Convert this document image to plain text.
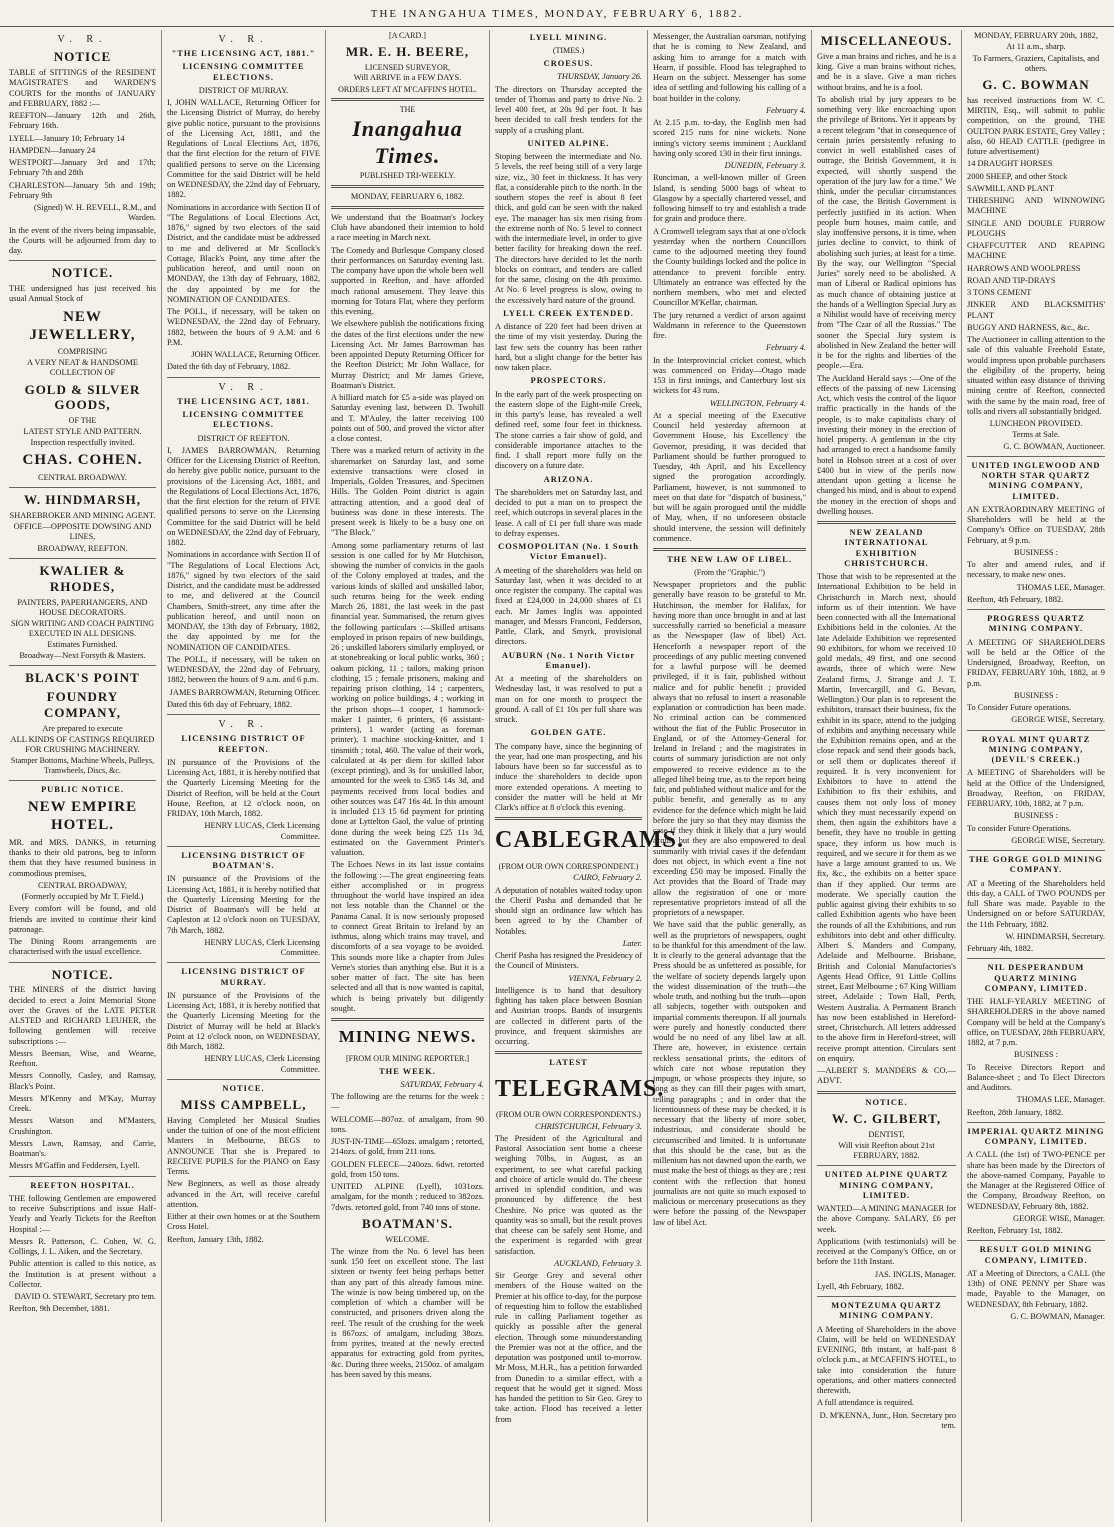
THE INANGAHUA TIMES, MONDAY, FEBRUARY 6, 1882.
V. R.
NOTICE

TABLE of SITTINGS of the RESIDENT MAGISTRATE'S and WARDEN'S COURTS for the months of JANUARY and FEBRUARY, 1882 :—

REEFTON—January 12th and 26th, February 16th.

LYELL—January 10; February 14

HAMPDEN—January 24

WESTPORT—January 3rd and 17th; February 7th and 28th

CHARLESTON—January 5th and 19th; February 9th

(Signed) W. H. REVELL, R.M., and Warden.

In the event of the rivers being impassable, the Courts will be adjourned from day to day.

NOTICE.

THE undersigned has just received his usual Annual Stock of

NEW JEWELLERY,
COMPRISING
A VERY NEAT & HANDSOME COLLECTION OF
GOLD & SILVER GOODS,
OF THE
LATEST STYLE AND PATTERN.
Inspection respectfully invited.
CHAS. COHEN.
CENTRAL BROADWAY.
W. HINDMARSH,
SHAREBROKER AND MINING AGENT.
OFFICE—OPPOSITE DOWSING AND LINES,
BROADWAY, REEFTON.
KWALIER & RHODES,
PAINTERS, PAPERHANGERS, AND HOUSE DECORATORS.
SIGN WRITING AND COACH PAINTING EXECUTED IN ALL DESIGNS.
Estimates Furnished.
Broadway—Next Forsyth & Masters.
BLACK'S POINT
FOUNDRY COMPANY,
Are prepared to execute
ALL KINDS OF CASTINGS REQUIRED FOR CRUSHING MACHINERY.
Stamper Bottoms, Machine Wheels, Pulleys, Tramwheels, Discs, &c.
PUBLIC NOTICE.
NEW EMPIRE HOTEL.

MR. and MRS. DANKS, in returning thanks to their old patrons, beg to inform them that they have resumed business in commodious premises,

CENTRAL BROADWAY,
(Formerly occupied by Mr T. Field.)

Every comfort will be found, and old friends are invited to continue their kind patronage.

The Dining Room arrangements are characterised with the usual excellence.

NOTICE.

THE MINERS of the district having decided to erect a Joint Memorial Stone over the Graves of the LATE PETER ALSTED and RICHARD LEUHER, the following gentlemen will receive subscriptions :—

Messrs Beeman, Wise, and Wearne, Reefton.

Messrs Connolly, Casley, and Ramsay, Black's Point.

Messrs M'Kenny and M'Kay, Murray Creek.

Messrs Watson and M'Masters, Crushington.

Messrs Lawn, Ramsay, and Carrie, Boatman's.

Messrs M'Gaffin and Feddersen, Lyell.

REEFTON HOSPITAL.

THE following Gentlemen are empowered to receive Subscriptions and issue Half-Yearly and Yearly Tickets for the Reefton Hospital :—

Messrs R. Patterson, C. Cohen, W. G. Collings, J. L. Aiken, and the Secretary.

Public attention is called to this notice, as the Institution is at present without a Collector.

DAVID O. STEWART, Secretary pro tem.

Reefton, 9th December, 1881.

V. R.
"THE LICENSING ACT, 1881."
LICENSING COMMITTEE ELECTIONS.
DISTRICT OF MURRAY.

I, JOHN WALLACE, Returning Officer for the Licensing District of Murray, do hereby give public notice, pursuant to the provisions of the Licensing Act, 1881, and the Regulations of Local Elections Act, 1876, that the first election for the return of FIVE qualified persons to serve on the Licensing Committee for the said District will be held on WEDNESDAY, the 22nd day of February, 1882.

Nominations in accordance with Section II of "The Regulations of Local Elections Act, 1876," signed by two electors of the said District, and the candidate must be addressed to me and delivered at Mr Scollock's Cottage, Black's Point, any time after the publication hereof, and until noon on MONDAY, the 13th day of February, 1882, the day appointed by me for the NOMINATION OF CANDIDATES.

The POLL, if necessary, will be taken on WEDNESDAY, the 22nd day of February, 1882, between the hours of 9 A.M. and 6 P.M.

JOHN WALLACE, Returning Officer.

Dated the 6th day of February, 1882.

V. R.
THE LICENSING ACT, 1881.
LICENSING COMMITTEE ELECTIONS.
DISTRICT OF REEFTON.

I, JAMES BARROWMAN, Returning Officer for the Licensing District of Reefton, do hereby give public notice, pursuant to the provisions of the Licensing Act, 1881, and the Regulations of Local Elections Act, 1876, that the first election for the return of FIVE qualified persons to serve on the Licensing Committee for the said District will be held on WEDNESDAY, the 22nd day of February, 1882.

Nominations in accordance with Section II of "The Regulations of Local Elections Act, 1876," signed by two electors of the said District, and the candidate must be addressed to me, and delivered at the Council Chambers, Smith-street, any time after the publication hereof, and until noon on MONDAY, the 13th day of February, 1882, the day appointed by me for the NOMINATION OF CANDIDATES.

The POLL, if necessary, will be taken on WEDNESDAY, the 22nd day of February, 1882, between the hours of 9 a.m. and 6 p.m.

JAMES BARROWMAN, Returning Officer.

Dated this 6th day of February, 1882.

V. R.
LICENSING DISTRICT OF REEFTON.

IN pursuance of the Provisions of the Licensing Act, 1881, it is hereby notified that the Quarterly Licensing Meeting for the District of Reefton, will be held at the Court House, Reefton, at 12 o'clock noon, on FRIDAY, 10th March, 1882.

HENRY LUCAS, Clerk Licensing Committee.

LICENSING DISTRICT OF BOATMAN'S.

IN pursuance of the Provisions of the Licensing Act, 1881, it is hereby notified that the Quarterly Licensing Meeting for the District of Boatman's will be held at Capleston at 12 o'clock noon on TUESDAY, 7th March, 1882.

HENRY LUCAS, Clerk Licensing Committee.

LICENSING DISTRICT OF MURRAY.

IN pursuance of the Provisions of the Licensing Act, 1881, it is hereby notified that the Quarterly Licensing Meeting for the District of Murray will be held at Black's Point at 12 o'clock noon, on WEDNESDAY, 8th March, 1882.

HENRY LUCAS, Clerk Licensing Committee.

NOTICE.
MISS CAMPBELL,

Having Completed her Musical Studies under the tuition of one of the most efficient Masters in Melbourne, BEGS to ANNOUNCE That she is Prepared to RECEIVE PUPILS for the PIANO on Easy Terms.

New Beginners, as well as those already advanced in the Art, will receive careful attention.

Either at their own homes or at the Southern Cross Hotel.

Reefton, January 13th, 1882.

[A CARD.]
MR. E. H. BEERE,
LICENSED SURVEYOR,
Will ARRIVE in a FEW DAYS.
ORDERS LEFT AT M'CAFFIN'S HOTEL.
THE
Inangahua Times.
PUBLISHED TRI-WEEKLY.
MONDAY, FEBRUARY 6, 1882.

We understand that the Boatman's Jockey Club have abandoned their intention to hold a race meeting in March next.

The Comedy and Burlesque Company closed their performances on Saturday evening last. The company have upon the whole been well supported in Reefton, and have afforded much rational amusement. They leave this morning for Totara Flat, where they perform this evening.

We elsewhere publish the notifications fixing the dates of the first elections under the new Licensing Act. Mr James Barrowman has been appointed Deputy Returning Officer for the Reefton District; Mr John Wallace, for Murray District; and Mr James Grieve, Boatman's District.

A billiard match for £5 a-side was played on Saturday evening last, between D. Twohill and T. M'Auley, the latter receiving 100 points out of 500, and proved the victor after a close contest.

There was a marked return of activity in the sharemarket on Saturday last, and some extensive transactions were closed in Imperials, Golden Treasures, and Specimen Hills. The Golden Point district is again attracting attention, and a good deal of business was done in these interests. The present week is likely to be a busy one on "The Block."

Among some parliamentary returns of last session is one called for by Mr Hutchison, showing the number of convicts in the gaols of the Colony employed at trades, and the various kinds of skilled and unskilled labor, such returns being for the week ending March 26, 1881, the last week in the past financial year. Summarised, the return gives the following particulars :—Skilled artisans employed in prison repairs of new buildings, 26 ; unskilled laborers similarly employed, or at stonebreaking or local public works, 360 ; oakum picking, 11 ; tailors, making prison clothing, 15 ; female prisoners, making and repairing prison clothing, 14 ; carpenters, working on police buildings, 4 ; working in the prison shops—1 cooper, 1 hammock-maker 1 painter, 6 printers, (6 assistant-printers), 1 warder (acting as foreman printer), 1 machine stocking-knitter, and 1 tinsmith ; total, 460. The value of their work, calculated at 4s per diem for skilled labor (except printing), and 3s for unskilled labor, amounted for the week to £365 14s 3d, and payments received from local bodies and other sources was £47 16s 4d. In this amount is included £13 15 6d payment for printing done at Lyttelton Gaol, the value of printing done during the week being £25 11s 3d, estimated on the Government Printer's valuation.

The Echoes News in its last issue contains the following :—The great engineering feats either accomplished or in progress throughout the world have inspired an idea not less notable than the Channel or the Panama Canal. It is now seriously proposed to connect Great Britain to Ireland by an isthmus, along which trains may travel, and discomforts of a sea voyage to be avoided. This sounds more like a chapter from Jules Verne's stories than anything else. But it is a sober matter of fact. The site has been selected and all that is now wanted is capital, which is being privately but diligently sought.

MINING NEWS.
[FROM OUR MINING REPORTER.]
THE WEEK.
SATURDAY, February 4.

The following are the returns for the week :—

WELCOME—807oz. of amalgam, from 90 tons.

JUST-IN-TIME—65lozs. amalgam ; retorted, 214ozs. of gold, from 211 tons.

GOLDEN FLEECE—240ozs. 6dwt. retorted gold, from 150 tons.

UNITED ALPINE (Lyell), 1031ozs. amalgam, for the month ; reduced to 382ozs. 7dwts. retorted gold, from 740 tons of stone.

BOATMAN'S.
WELCOME.

The winze from the No. 6 level has been sunk 150 feet on excellent stone. The last sixteen or twenty feet being perhaps better than any part of this already famous mine. The winze is now being timbered up, on the completion of which a chamber will be constructed, and prisoners driven along the reef. The result of the crushing for the week is 867ozs. of amalgam, including 38ozs. from pyrites, treated at the newly erected apparatus for extracting gold from pyrites, &c. During three weeks, 2150oz. of amalgam has been saved by this means.

LYELL MINING.
(TIMES.)
CROESUS.
THURSDAY, January 26.

The directors on Thursday accepted the tender of Thomas and party to drive No. 2 level 400 feet, at 20s 9d per foot. It has been decided to call fresh tenders for the supply of a crushing plant.

UNITED ALPINE.

Stoping between the intermediate and No. 5 levels, the reef being still of a very large size, viz., 30 feet in thickness. It has very flat, a considerable pitch to the north. In the southern stopes the reef is about 8 feet thick, and gold can be seen with the naked eye. The manager has six men rising from the extreme north of No. 5 level to connect with the intermediate level, in order to give better facility for breaking down the reef. The directors have decided to let the north blocks on contract, and tenders are called for the same, closing on the 4th proximo. At No. 6 level progress is slow, owing to the excessively hard nature of the ground.

LYELL CREEK EXTENDED.

A distance of 220 feet had been driven at the time of my visit yesterday. During the last few sets the country has been rather hard, but a slight change for the better has now taken place.

PROSPECTORS.

In the early part of the week prospecting on the eastern slope of the Eight-mile Creek, in this party's lease, has revealed a well defined reef, some four feet in thickness. The stone carries a fair show of gold, and considerable importance attaches to the find. I shall report more fully on the discovery on a future date.

ARIZONA.

The shareholders met on Saturday last, and decided to put a man on to prospect the reef, which outcrops in several places in the lease. A call of £1 per full share was made to defray expenses.

COSMOPOLITAN (No. 1 South Victor Emanuel).

A meeting of the shareholders was held on Saturday last, when it was decided to at once register the company. The capital was fixed at £24,000 in 24,000 shares of £1 each. Mr James Inglis was appointed manager, and Messrs Franconi, Fedderson, Pattle, Clark, and Smyrk, provisional directors.

AUBURN (No. 1 North Victor Emanuel).

At a meeting of the shareholders on Wednesday last, it was resolved to put a man on for one month to prospect the ground. A call of £1 10s per full share was struck.

GOLDEN GATE.

The company have, since the beginning of the year, had one man prospecting, and his labours have been so far successful as to induce the shareholders to decide upon more extended operations. A meeting to consider the matter will be held at Mr Clark's office at 8 o'clock this evening.

CABLEGRAMS.
(FROM OUR OWN CORRESPONDENT.)
CAIRO, February 2.

A deputation of notables waited today upon the Cherif Pasha and demanded that he should sign an ordinance law which has been agreed to by the Chamber of Notables.

Later.

Cherif Pasha has resigned the Presidency of the Council of Ministers.

VIENNA, February 2.

Intelligence is to hand that desultory fighting has taken place between Bosnian and Austrian troops. Bands of insurgents are collected in different parts of the province, and frequent skirmishes are occurring.

LATEST
TELEGRAMS.
(FROM OUR OWN CORRESPONDENTS.)
CHRISTCHURCH, February 3.

The President of the Agricultural and Pastoral Association sent home a cheese weighing 70lbs, in August, as an experiment, to see what careful packing and choice of article would do. The cheese arrived in splendid condition, and was pronounced by difference the best Cheshire. No price was quoted as the quantity was so small, but the result proves that cheese can be safely sent Home, and the experiment is regarded with great satisfaction.

AUCKLAND, February 3.

Sir George Grey and several other members of the House waited on the Premier at his office to-day, for the purpose of requesting him to follow the established rule in calling Parliament together as quickly as possible after the general election. Through some misunderstanding the Premier was not at the office, and the deputation was postponed until to-morrow. Mr Moss, M.H.R., has a petition forwarded from Dunedin to a similar effect, with a request that he would get it signed. Moss has handed the petition to Sir Geo. Grey to take action. Flood has received a letter from

Messenger, the Australian oarsman, notifying that he is coming to New Zealand, and asking him to arrange for a match with Hearn, if possible. Flood has telegraphed to Hearn on the subject. Messenger has some idea of settling and following his calling of a boat builder in the colony.

February 4.

At 2.15 p.m. to-day, the English men had scored 215 runs for nine wickets. None inning's victory seems imminent ; Auckland having only scored 130 in their first innings.

DUNEDIN, February 3.

Runciman, a well-known miller of Green Island, is sending 5000 bags of wheat to Glasgow by a specially chartered vessel, and following himself to try and establish a trade for grain and produce there.

A Cromwell telegram says that at one o'clock yesterday when the northern Councillors came to the adjourned meeting they found the County buildings locked and the police in attendance to prevent forcible entry. Ultimately an entrance was effected by the northern members, who met and elected Councillor M'Kellar, chairman.

The jury returned a verdict of arson against Waldmann in reference to the Queenstown fire.

February 4.

In the Interprovincial cricket contest, which was commenced on Friday—Otago made 153 in first innings, and Canterbury lost six wickets for 43 runs.

WELLINGTON, February 4.

At a special meeting of the Executive Council held yesterday afternoon at Government House, his Excellency the Governor, presiding, it was decided that Parliament should be further prorogued to Tuesday, 4th April, and his Excellency signed the prorogation accordingly. Parliament, however, is not summoned to meet on that date for "dispatch of business," but will be again prorogued until the middle of May, when, if no unforeseen obstacle should intervene, the session will definitely commence.

THE NEW LAW OF LIBEL.
(From the "Graphic.")

Newspaper proprietors and the public generally have reason to be grateful to Mr. Hutchinson, the member for Halifax, for having more than once brought in and at last successfully carried so beneficial a measure as the Newspaper (law of libel) Act. Henceforth a newspaper report of the proceedings of any public meeting convened for a lawful purpose will be deemed privileged, if it is fair, published without malice and for public benefit ; provided always that no refusal to insert a reasonable explanation or contradiction has been made. No criminal action can be commenced without the fiat of the Public Prosecutor in England, or of the Attorney-General for Ireland in Ireland ; and the magistrates in courts of summary jurisdiction are not only empowered to receive evidence as to the alleged libel being true, as to the report being fair, and published without malice and for the public benefit, and generally as to any evidence for the defence which might be laid before the jury so that they may dismiss the case if they think it likely that a jury would acquit, but they are also empowered to deal summarily with trivial cases if the defendant does not object, in which event a fine not exceeding £50 may be imposed. Finally the Act provides that the Board of Trade may allow the registration of one or more representative proprietors instead of all the proprietors of a newspaper.

We have said that the public generally, as well as the proprietors of newspapers, ought to be thankful for this amendment of the law. It is clearly to the general advantage that the Press should be as unfettered as possible, for the welfare of society depends largely upon the widest dissemination of the truth—the whole truth, and nothing but the truth—upon all subjects, together with outspoken and impartial comments thereupon. If all journals were purely and honestly conducted there would be no need of any libel law at all. There are, however, in existence certain reckless sensational prints, the editors of which care not whose reputation they impugn, or whose prospects they injure, so long as they can fill their pages with smart, telling paragraphs ; and in order that the licentiousness of these may be checked, it is necessary that the liberty of more sober, industrious, and considerate should be circumscribed and limited. It is unfortunate that this should be the case, but as the millenium has not dawned upon the earth, we must make the best of things as they are ; rest content with the reflection that honest journalists are not quite so much exposed to malicious or mercenary prosecutions as they were before the passing of the Newspaper law of libel Act.

MISCELLANEOUS.

Give a man brains and riches, and he is a king. Give a man brains without riches, and he is a slave. Give a man riches without brains, and he is a fool.

To abolish trial by jury appears to be something very like encroaching upon the privilege of Britons. Yet it appears by a recent telegram "that in consequence of certain juries persistently refusing to convict in well established cases of outrage, the British Government, it is expected, will shortly suspend the operation of the jury law for a time." We think, under the peculiar circumstances of the case, the British Government is perfectly justified in its action. When people burn houses, maim cattle, and slay inoffensive persons, it is time, when juries decline to convict, to think of abolishing such juries, at least for a time. By the way, our Wellington "Special Juries" sorely need to be abolished. A man of Liberal or Radical opinions has as much chance of obtaining justice at the hands of a Wellington Special Jury as a Nihilist would have of receiving mercy from "The Czar of all the Russias." The sooner the Special Jury system is abolished in New Zealand the better will it be for the rights and liberties of the people.—Era.

The Auckland Herald says :—One of the effects of the passing of new Licensing Act, which vests the control of the liquor traffic practically in the hands of the people, is to make capitalists chary of investing their money in the erection of hotel property. A gentleman in the city had arranged to erect a handsome family hotel in Hobson street at a cost of over £400 but in view of the perils now attendant upon getting a license he changed his mind, and is about to expend the money in the erection of shops and dwelling houses.

NEW ZEALAND INTERNATIONAL EXHIBITION CHRISTCHURCH.

Those that wish to be represented at the International Exhibition to be held in Christchurch in March next, should inform us of their intention. We have been connected with all the International Exhibitions held in the colonies. At the late Adelaide Exhibition we represented 90 exhibitors, for whom we received 10 gold medals, 49 first, and one second awards, three of which were New Zealand firms, J. Strange and J. T. Martin, Invercargill, and G. Bevan, Wellington.) Our plan is to represent the exhibitors, transact their business, fix the exhibit in its space, attend to the judging of exhibits and anything necessary while the Exhibition remains open, and at the close repack and send their goods back, or sell them or duplicates thereof if required. It is very inconvenient for Exhibitors to have to attend the Exhibition to fix their exhibits, and causes them not only loss of money which they must necessarily expend on them, then again the exhibitors have a benefit, they have no trouble in getting space, they inform us how much is required, and we secure it for them as we have a large amount granted to us. We fix, &c., the exhibits on a better space than if they applied. Our terms are moderate. We specially caution the public against giving their exhibits to so called Exhibition agents who have been the rounds of all the Exhibitions, and run exhibitors into debt and other difficulty. Albert S. Manders and Company, Adelaide and Melbourne. Brisbane, British and Colonial Manufactories's Agents Head Office, 91 Little Collins street, East Melbourne ; 67 King William street, Adelaide ; Town Hall, Perth, Western Australia. A Permanent Branch has now been established in Hereford-street, Christchurch. All letters addressed to the above firm in Hereford-street, will receive prompt attention. Circulars sent on enquiry.

—ALBERT S. MANDERS & CO.—ADVT.

NOTICE.
W. C. GILBERT,
DENTIST,
Will visit Reefton about 21st FEBRUARY, 1882.
UNITED ALPINE QUARTZ MINING COMPANY, LIMITED.

WANTED—A MINING MANAGER for the above Company. SALARY, £6 per week.

Applications (with testimonials) will be received at the Company's Office, on or before the 11th Instant.

JAS. INGLIS, Manager.

Lyell, 4th February, 1882.

MONTEZUMA QUARTZ MINING COMPANY.

A Meeting of Shareholders in the above Claim, will be held on WEDNESDAY EVENING, 8th instant, at half-past 8 o'clock p.m., at M'CAFFIN'S HOTEL, to take into consideration the future operations, and other matters connected therewith.

A full attendance is required.

D. M'KENNA, Junr., Hon. Secretary pro tem.

MONDAY, FEBRUARY 20th, 1882,
At 11 a.m., sharp.
To Farmers, Graziers, Capitalists, and others.
G. C. BOWMAN

has received instructions from W. C. MIRTIN, Esq., will submit to public competition, on the ground, THE OULTON PARK ESTATE, Grey Valley ; also, 60 HEAD CATTLE (pedigree in future advertisement)

14 DRAUGHT HORSES

2000 SHEEP, and other Stock

SAWMILL AND PLANT

THRESHING AND WINNOWING MACHINE

SINGLE AND DOUBLE FURROW PLOUGHS

CHAFFCUTTER AND REAPING MACHINE

HARROWS AND WOOLPRESS

ROAD AND TIP-DRAYS

3 TONS CEMENT

JINKER AND BLACKSMITHS' PLANT

BUGGY AND HARNESS, &c., &c.

The Auctioneer in calling attention to the sale of this valuable Freehold Estate, would impress upon probable purchasers the eligibility of the property, being situated within easy distance of thriving mining centre of Reefton, connected with the same by the main road, free of tolls and rivers all substantially bridged.

LUNCHEON PROVIDED.
Terms at Sale.

G. C. BOWMAN, Auctioneer.

UNITED INGLEWOOD AND NORTH STAR QUARTZ MINING COMPANY, LIMITED.

AN EXTRAORDINARY MEETING of Shareholders will be held at the Company's Office on TUESDAY, 28th February, at 9 p.m.

BUSINESS :

To alter and amend rules, and if necessary, to make new ones.

THOMAS LEE, Manager.

Reefton, 4th February, 1882.

PROGRESS QUARTZ MINING COMPANY.

A MEETING OF SHAREHOLDERS will be held at the Office of the Undersigned, Broadway, Reefton, on FRIDAY, FEBRUARY 10th, 1882, at 9 p.m.

BUSINESS :

To Consider Future operations.

GEORGE WISE, Secretary.

ROYAL MINT QUARTZ MINING COMPANY, (DEVIL'S CREEK.)

A MEETING of Shareholders will be held at the Office of the Undersigned, Broadway, Reefton, on FRIDAY, FEBRUARY, 10th, 1882, at 7 p.m.

BUSINESS :

To consider Future Operations.

GEORGE WISE, Secretary.

THE GORGE GOLD MINING COMPANY.

AT a Meeting of the Shareholders held this day, a CALL of TWO POUNDS per full Share was made. Payable to the Undersigned on or before SATURDAY, the 11th February, 1882.

W. HINDMARSH, Secretary.

February 4th, 1882.

NIL DESPERANDUM QUARTZ MINING COMPANY, LIMITED.

THE HALF-YEARLY MEETING of SHAREHOLDERS in the above named Company will be held at the Company's office, on TUESDAY, 28th FEBRUARY, 1882, at 7 p.m.

BUSINESS :

To Receive Directors Report and Balance-sheet ; and To Elect Directors and Auditors.

THOMAS LEE, Manager.

Reefton, 28th January, 1882.

IMPERIAL QUARTZ MINING COMPANY, LIMITED.

A CALL (the 1st) of TWO-PENCE per share has been made by the Directors of the above-named Company, Payable to the Manager at the Registered Office of the Company, Broadway Reefton, on WEDNESDAY, February 8th, 1882.

GEORGE WISE, Manager.

Reefton, February 1st, 1882.

RESULT GOLD MINING COMPANY, LIMITED.

AT a Meeting of Directors, a CALL (the 13th) of ONE PENNY per Share was made, Payable to the Manager, on WEDNESDAY, 8th February, 1882.

G. C. BOWMAN, Manager.
